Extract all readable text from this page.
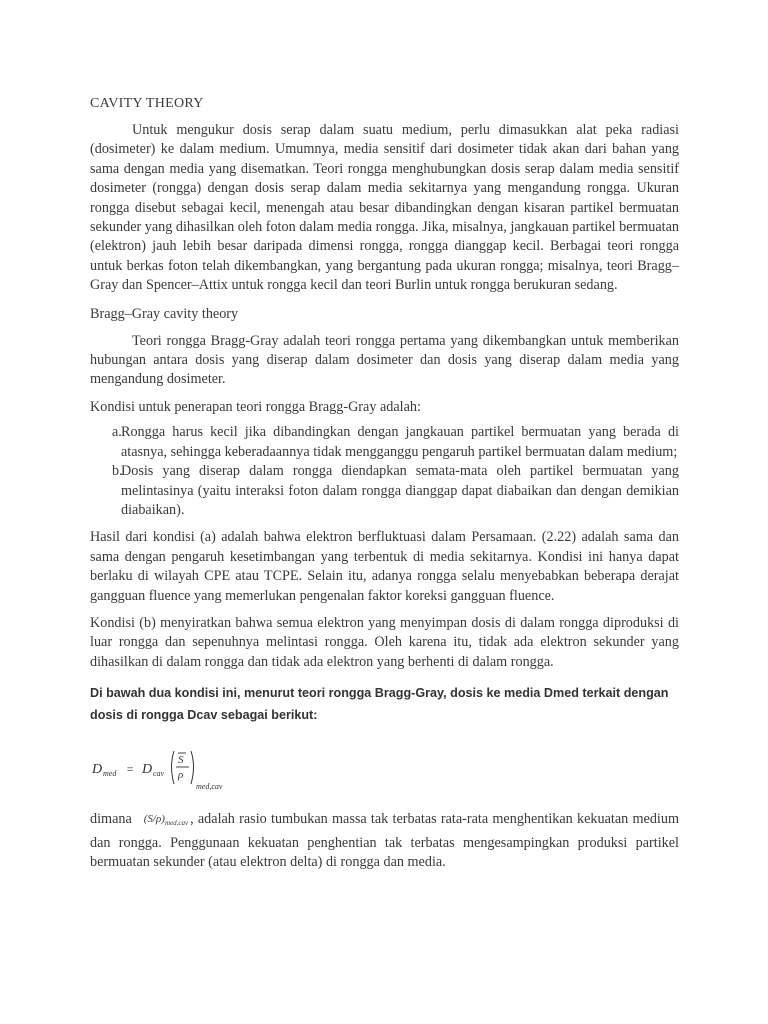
CAVITY THEORY

Untuk mengukur dosis serap dalam suatu medium, perlu dimasukkan alat peka radiasi (dosimeter) ke dalam medium. Umumnya, media sensitif dari dosimeter tidak akan dari bahan yang sama dengan media yang disematkan. Teori rongga menghubungkan dosis serap dalam media sensitif dosimeter (rongga) dengan dosis serap dalam media sekitarnya yang mengandung rongga. Ukuran rongga disebut sebagai kecil, menengah atau besar dibandingkan dengan kisaran partikel bermuatan sekunder yang dihasilkan oleh foton dalam media rongga. Jika, misalnya, jangkauan partikel bermuatan (elektron) jauh lebih besar daripada dimensi rongga, rongga dianggap kecil. Berbagai teori rongga untuk berkas foton telah dikembangkan, yang bergantung pada ukuran rongga; misalnya, teori Bragg– Gray dan Spencer–Attix untuk rongga kecil dan teori Burlin untuk rongga berukuran sedang.

Bragg–Gray cavity theory

Teori rongga Bragg-Gray adalah teori rongga pertama yang dikembangkan untuk memberikan hubungan antara dosis yang diserap dalam dosimeter dan dosis yang diserap dalam media yang mengandung dosimeter.

Kondisi untuk penerapan teori rongga Bragg-Gray adalah:

a. Rongga harus kecil jika dibandingkan dengan jangkauan partikel bermuatan yang berada di atasnya, sehingga keberadaannya tidak mengganggu pengaruh partikel bermuatan dalam medium;
b.
Dosis yang diserap dalam rongga diendapkan semata-mata oleh partikel bermuatan yang melintasinya (yaitu interaksi foton dalam rongga dianggap dapat diabaikan dan dengan demikian diabaikan).

Hasil dari kondisi (a) adalah bahwa elektron berfluktuasi dalam Persamaan. (2.22) adalah sama dan sama dengan pengaruh kesetimbangan yang terbentuk di media sekitarnya. Kondisi ini hanya dapat berlaku di wilayah CPE atau TCPE. Selain itu, adanya rongga selalu menyebabkan beberapa derajat gangguan fluence yang memerlukan pengenalan faktor koreksi gangguan fluence.

Kondisi (b) menyiratkan bahwa semua elektron yang menyimpan dosis di dalam rongga diproduksi di luar rongga dan sepenuhnya melintasi rongga. Oleh karena itu, tidak ada elektron sekunder yang dihasilkan di dalam rongga dan tidak ada elektron yang berhenti di dalam rongga.

Di bawah dua kondisi ini, menurut teori rongga Bragg-Gray, dosis ke media Dmed terkait dengan dosis di rongga Dcav sebagai berikut:
D med = D cav
S
ρ
med,cav

dimana $(S/\rho)_{med,cav}$ , adalah rasio tumbukan massa tak terbatas rata-rata menghentikan kekuatan medium dan rongga. Penggunaan kekuatan penghentian tak terbatas mengesampingkan produksi partikel bermuatan sekunder (atau elektron delta) di rongga dan media.
